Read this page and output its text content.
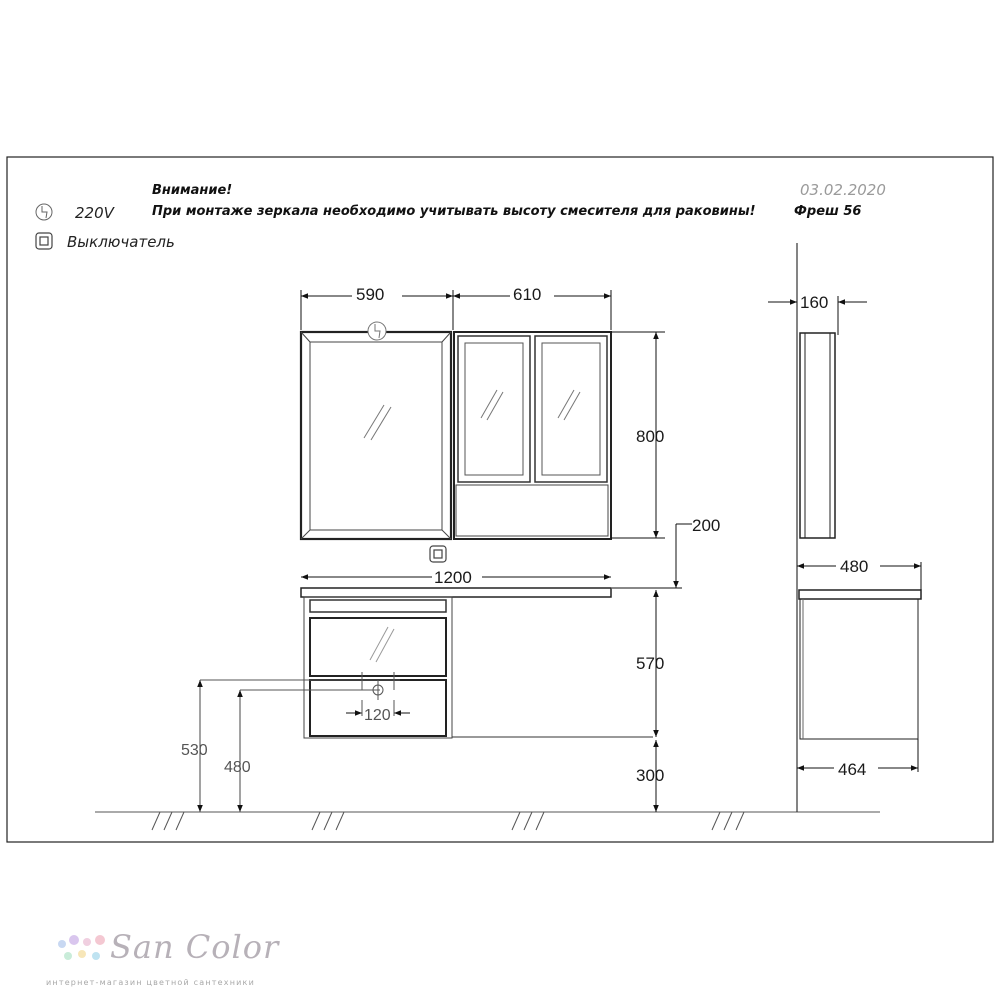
Внимание!
При монтаже зеркала необходимо учитывать высоту смесителя для раковины!
03.02.2020
Фреш 56
220V
Выключатель
120
530
480
590	610
800
200
1200
570
300
160
480
464
San Color
интернет-магазин цветной сантехники
